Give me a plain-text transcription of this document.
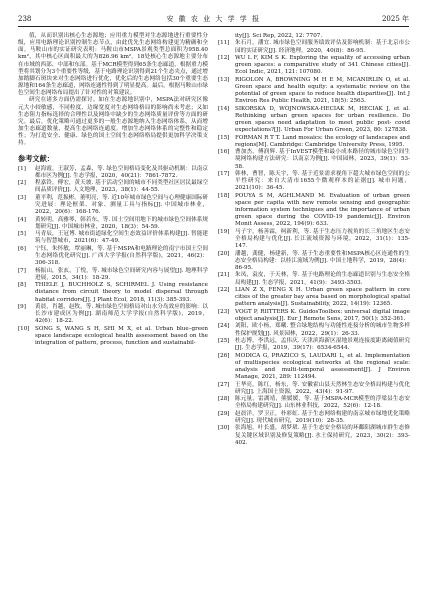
238	安 徽 农 业 大 学 学 报	2025 年

值，从而识别出核心生态源地；应用重力模型对生态源地进行重要性分级，应用电路理论识别控制生态节点，由此优先生态网络构建更为精确和全面。马鞍山市的实证研究表明：马鞍山市MSPA景观类型总面积为958.40 km²，其中核心区面积最大的为826.96 km²。18处核心生态源地主要分布在市域的西部、中部和东部。基于MCR模型得到65条生态廊道，根据重力模型将其划分为3个重要性等级，基于电路理论识别得到21个生态夹点，通过增加踏脚石斑块来对生态网络进行优化，优化后的生态网络包括30个重要生态源地和164条生态廊道，网络连通性得到了明显提高。最后，根据马鞍山市绿色空间生态网络布局提出了针对性的对策建议。

研究在诸多方面仍需探讨。如在生态源地识别中，MSPA法对研究区像元大小较敏感，不同粒度、边缘宽度对生态网络格局的影响尚未考虑；又如生态阻力指标选择的合理性以及网络中缺少的生态网络质量评价等方面的研究。最后，优化策略可通过更多的一般生态源地纳入生态网络体系，从而增加生态廊道数量，提高生态网络连通度。增加生态网络体系的完整性和稳定性；为打造安全、健康、绿色的国土空间生态网络格局提供更加科学决策支持。

参考文献：
[1]	赵海霞，王淑芳，孟森，等. 绿色空间格局变化及其驱动机制：以南京都市区为例[J]. 生态学报，2020，40(21)：7861-7872.
[2]	程嘉铃，傅宏，黄天坡. 基于活动空间的城市不同类型社区居民最绿空间品质评价[J]. 人文地理，2023，38(1)：44-55.
[3]	董平利，范振彬，董明亮，等. 近10年城市绿色空间与心理健康国际研究进展：理论框架、对象、测量工具与指标[J]. 中国城市林业，2022，20(6)：168-176.
[4]	黄转明，高雅琴，韩若东，等. 国土空间用地下的城市绿色空间体系规划研究[J]. 中国城市林业，2020，18(3)：54-59.
[5]	马青辰，王冠博. 城市街道绿化空间生态效益评价体系构建[J]. 智能建筑与智慧城市，2021(6)：47-49.
[6]	宁钰，朱怀敏，覃丽琳，等. 基于MSPA和电路理论的南宁市国土空间生态网络优化研究[J]. 广西大学学报(自然科学版)，2021，46(2)：306-318.
[7]	杨振山，张玄，丁悦，等. 城市绿色空间研究内容与展望[J]. 地理科学进展，2015，34(1)：18-29.
[8]	THIELE J, BUCHHOLZ S, SCHIRMEL J. Using resistance distance from circuit theory to model dispersal through habitat corridors[J]. J Plant Ecol, 2018, 11(3): 385-393.
[9]	黄晨，肖越，赵牧，等. 城市绿色空间格局对山水分岛效应的影响：以长沙市建成区为例[J]. 湖南师范大学学报(自然科学版)，2019，42(6)：18-22.
[10] SONG S, WANG S H, SHI M X, et al. Urban blue–green space landscape ecological health assessment based on the integration of pattern, process, function and sustainabil-
ity[J]. Sci Rep, 2022, 12: 7707.
[11] 朱石月，潘宜. 城市绿色空间服务绩效评估及影响机制：基于北京市公园的实证研究[J]. 经济地理，2020，40(8)：86-95.
[12] WU L F, KIM S K. Exploring the equality of accessing urban green spaces: a comparative study of 341 Chinese cities[J]. Ecol Indic, 2021, 121: 107080.
[13] RIGOLON A, BROWNING M H E M, MCANIRLIN O, et al. Green space and health equity: a systematic review on the potential of green space to reduce health disparities[J]. Int J Environ Res Public Health, 2021, 18(5): 2563.
[14] SIKORSKA D, WOJNOWSKA-HECIAK M, HECIAK J, et al. Rethinking urban green spaces for urban resilience. Do green spaces need adaptation to meet public post- covid expectations?[J]. Urban For Urban Green, 2023, 80: 127838.
[15] FORMAN R T T. Land mosaics: the ecology of landscapes and regions[M]. Cambridge: Cambridge University Press, 1995.
[16] 曹加杰，傅润辉. 基于InVEST模型和最小成本路径的城市绿色空间生境网络构建方法研究：以南京为例[J]. 中国园林，2023，39(1)：53-58.
[17] 韩林，曹智，陈天宇，等. 基于近景需求视角下超大城市绿色空间的公平性研究：来自大清市1655个微观样本的证据[J]. 城市问题，2021(10)：36-45.
[18] POUYA S M, AGHLMAND M. Evaluation of urban green space per capita with new remote sensing and geographic information system techniques and the importance of urban green space during the COVID-19 pandemic[J]. Environ Monit Assess, 2022, 194(9): 633.
[19] 马子宇，杨善霖，柯新利，等. 基于生态压力视角的长三角地区生态安全格局构建与优化[J]. 长江流域资源与环境，2022，31(1)：135-147.
[20] 潘越，龚健，杨建新，等. 基于生态重要性和MSPA核心区连通性的生态安全格局构建：以桂江流域为例[J]. 中国土地科学，2019，28(4)：86-95.
[21] 朱凤，袁皮，于天林，等. 基于电路理论的生态廊道识别与生态安全格局构建[J]. 生态学报，2021，41(9)：3493-3503.
[22] LIAN Z X, FENG X H. Urban green space pattern in core cities of the greater bay area based on morphological spatial pattern analysis[J]. Sustainability, 2022, 14(19): 12365.
[23] VOGT P, RIITTERS K. GuidosToolbox: universal digital image object analysis[J]. Eur J Remote Sens, 2017, 50(1): 352-361.
[24] 刘阳，欧小杨，郑曦. 整合绿地结构与功能性连接分析的城市生物多样性保护规划[J]. 风景园林，2022，29(1)：26-33.
[25] 杜志博，李洪远，孟伟庆. 天津滨海新区湿地景观连接度距离阈值研究[J]. 生态学报，2019，39(17)：6534-6544.
[26] MODICA G, PRAZICO S, LAUDARI L, et al. Implementation of multispecies ecological networks at the regional scale: analysis and multi-temporal assessment[J]. J Environ Manage, 2021, 289: 112494.
[27] 王华亮，陈红，杨东，等. 安徽霍山县天然林生态安全格局构建与优化研究[J]. 上海国土资源，2022，43(4)：91-97.
[28] 陈元量，雷湖靖，熊媛媛，等. 基于MSPA-MCR模型的浮梁县生态安全格局构建研究[J]. 山东林业科技，2022，52(6)：12-18.
[29] 赵晨洋，罗卫正，朴彩虹. 基于生态网络构建的南京城市绿地优化策略研究[J]. 现代城市研究，2019(10)：28-35.
[30] 张海旭，叶长盛，胡梦珺. 基于生态安全格局的环鄱阳湖城市群生态修复关键区域识别及修复策略[J]. 水土保持研究，2023，30(2)：393-402.
